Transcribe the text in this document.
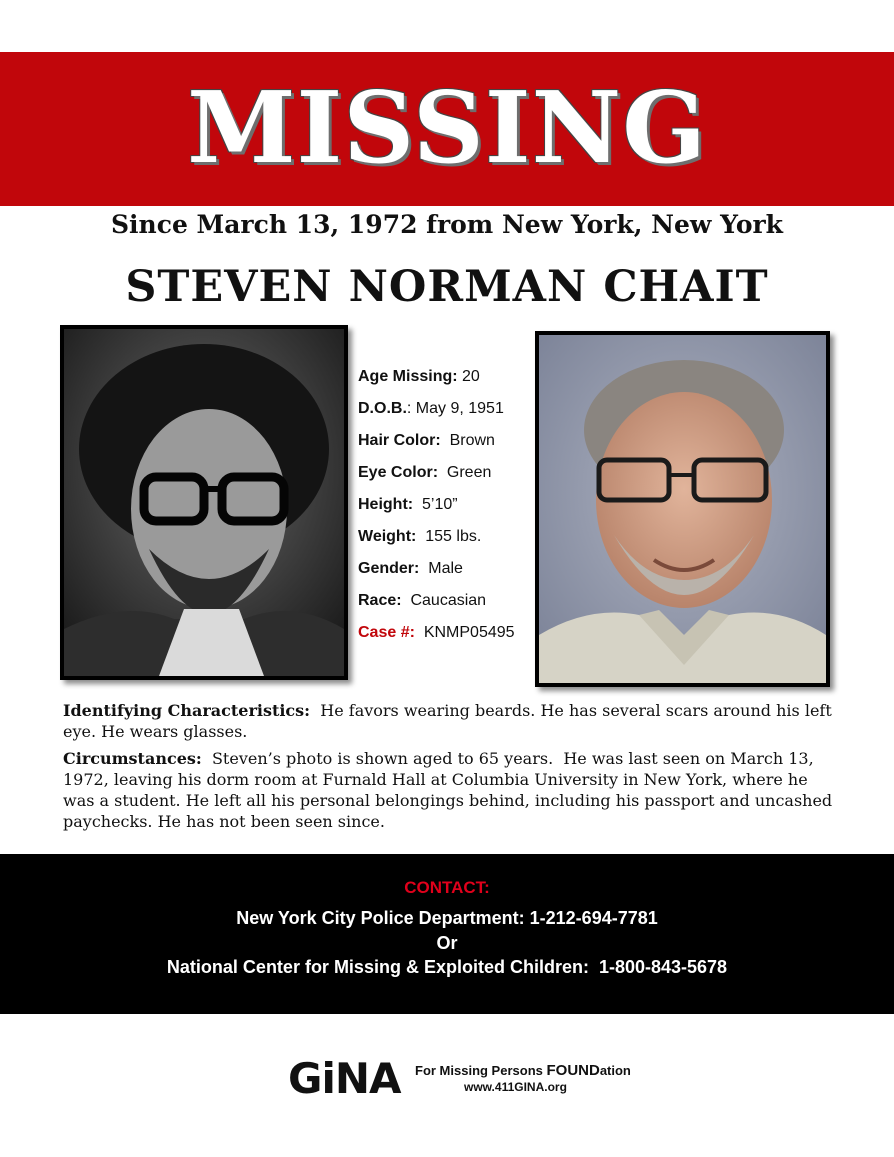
MISSING
Since March 13, 1972 from New York, New York
STEVEN NORMAN CHAIT
Age Missing: 20
D.O.B.: May 9, 1951
Hair Color:  Brown
Eye Color:  Green
Height:  5’10”
Weight:  155 lbs.
Gender:  Male
Race:  Caucasian
Case #:  KNMP05495
Identifying Characteristics:  He favors wearing beards. He has several scars around his left eye. He wears glasses.
Circumstances:  Steven’s photo is shown aged to 65 years.  He was last seen on March 13, 1972, leaving his dorm room at Furnald Hall at Columbia University in New York, where he was a student. He left all his personal belongings behind, including his passport and uncashed paychecks. He has not been seen since.
CONTACT:
New York City Police Department: 1-212-694-7781
Or
National Center for Missing & Exploited Children:  1-800-843-5678
GiNA For Missing Persons FOUNDation
www.411GINA.org
